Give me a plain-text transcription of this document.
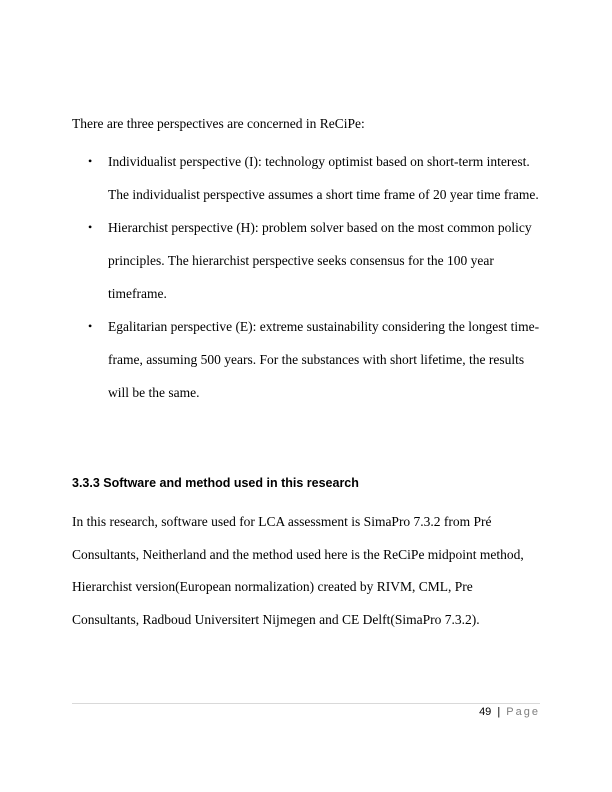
There are three perspectives are concerned in ReCiPe:
• Individualist perspective (I): technology optimist based on short-term interest. The individualist perspective assumes a short time frame of 20 year time frame.
• Hierarchist perspective (H): problem solver based on the most common policy principles. The hierarchist perspective seeks consensus for the 100 year timeframe.
• Egalitarian perspective (E): extreme sustainability considering the longest time-frame, assuming 500 years. For the substances with short lifetime, the results will be the same.
3.3.3 Software and method used in this research
In this research, software used for LCA assessment is SimaPro 7.3.2 from Pré Consultants, Neitherland and the method used here is the ReCiPe midpoint method, Hierarchist version(European normalization) created by RIVM, CML, Pre Consultants, Radboud Universitert Nijmegen and CE Delft(SimaPro 7.3.2).
49 | Page
